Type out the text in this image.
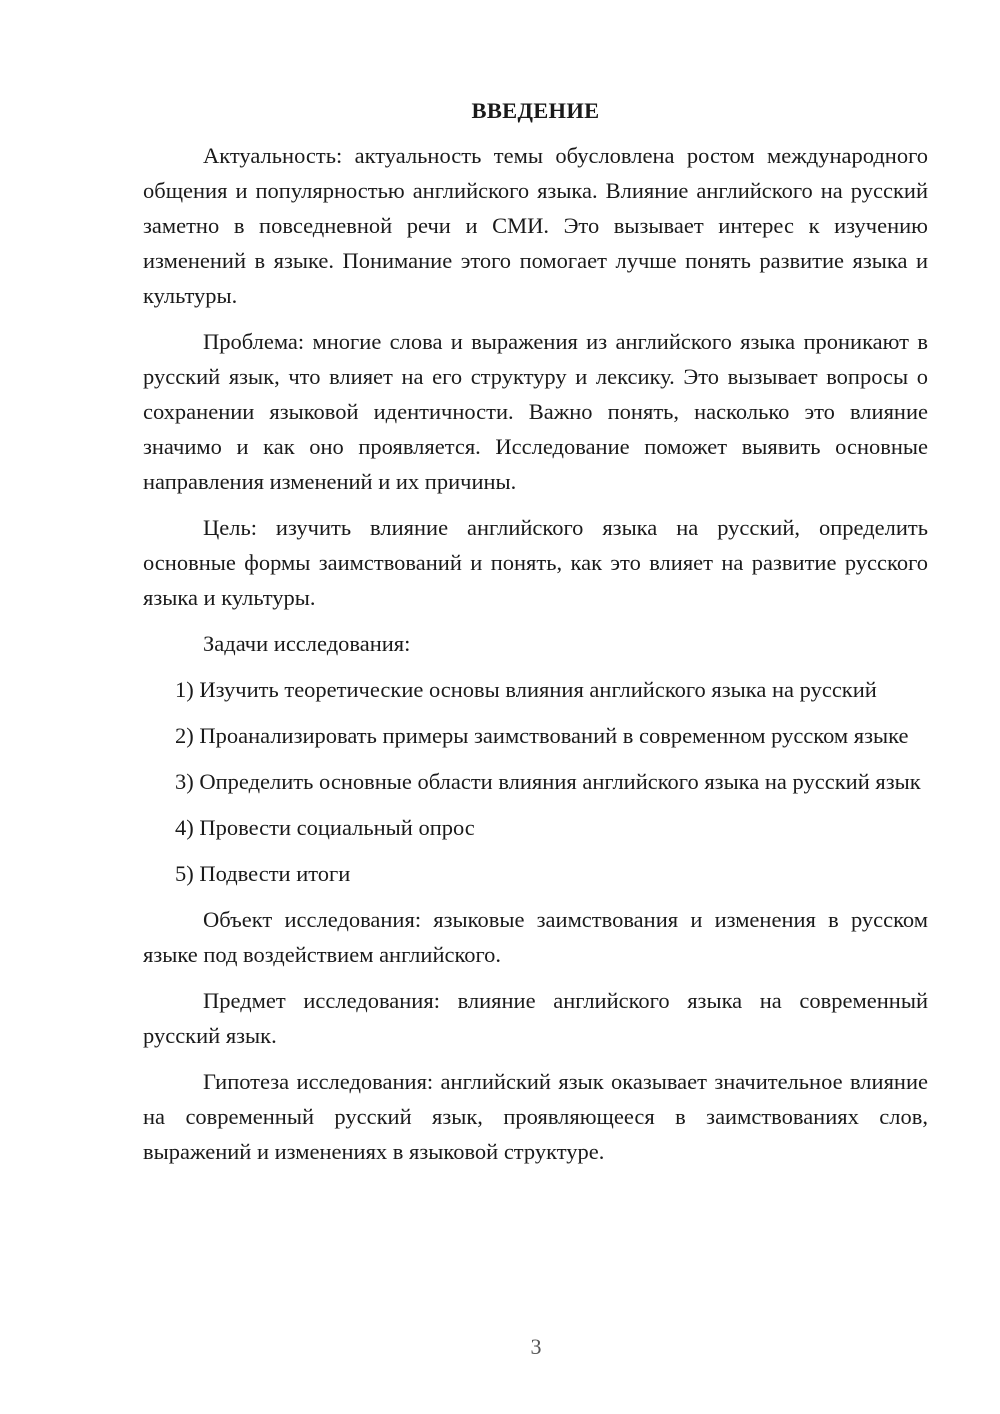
ВВЕДЕНИЕ

Актуальность: актуальность темы обусловлена ростом международного общения и популярностью английского языка. Влияние английского на русский заметно в повседневной речи и СМИ. Это вызывает интерес к изучению изменений в языке. Понимание этого помогает лучше понять развитие языка и культуры.

Проблема: многие слова и выражения из английского языка проникают в русский язык, что влияет на его структуру и лексику. Это вызывает вопросы о сохранении языковой идентичности. Важно понять, насколько это влияние значимо и как оно проявляется. Исследование поможет выявить основные направления изменений и их причины.

Цель: изучить влияние английского языка на русский, определить основные формы заимствований и понять, как это влияет на развитие русского языка и культуры.

Задачи исследования:

1) Изучить теоретические основы влияния английского языка на русский

2) Проанализировать примеры заимствований в современном русском языке

3) Определить основные области влияния английского языка на русский язык

4) Провести социальный опрос

5) Подвести итоги

Объект исследования: языковые заимствования и изменения в русском языке под воздействием английского.

Предмет исследования: влияние английского языка на современный русский язык.

Гипотеза исследования: английский язык оказывает значительное влияние на современный русский язык, проявляющееся в заимствованиях слов, выражений и изменениях в языковой структуре.

3
